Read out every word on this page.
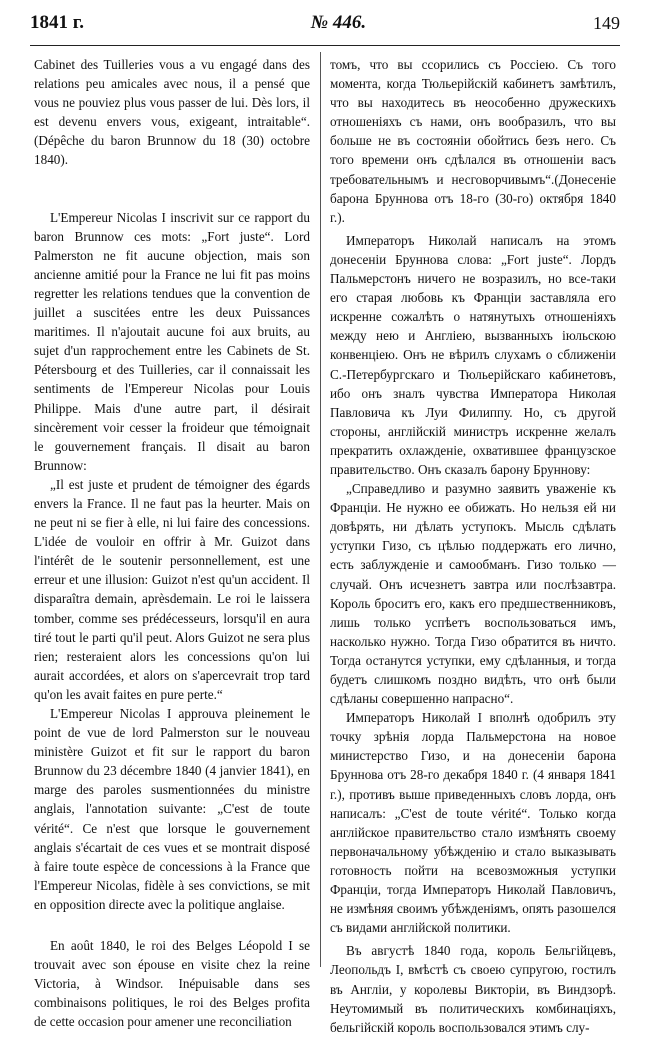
1841 г.	№ 446.	149

Cabinet des Tuilleries vous a vu engagé dans des relations peu amicales avec nous, il a pensé que vous ne pouviez plus vous passer de lui. Dès lors, il est devenu envers vous, exigeant, intraitable“. (Dépêche du baron Brunnow du 18 (30) octobre 1840).

L'Empereur Nicolas I inscrivit sur ce rapport du baron Brunnow ces mots: „Fort juste“. Lord Palmerston ne fit aucune objection, mais son ancienne amitié pour la France ne lui fit pas moins regretter les relations tendues que la convention de juillet a suscitées entre les deux Puissances maritimes. Il n'ajoutait aucune foi aux bruits, au sujet d'un rapprochement entre les Cabinets de St. Pétersbourg et des Tuilleries, car il connaissait les sentiments de l'Empereur Nicolas pour Louis Philippe. Mais d'une autre part, il désirait sincèrement voir cesser la froideur que témoignait le gouvernement français. Il disait au baron Brunnow:

„Il est juste et prudent de témoigner des égards envers la France. Il ne faut pas la heurter. Mais on ne peut ni se fier à elle, ni lui faire des concessions. L'idée de vouloir en offrir à Mr. Guizot dans l'intérêt de le soutenir personnellement, est une erreur et une illusion: Guizot n'est qu'un accident. Il disparaîtra demain, aprèsdemain. Le roi le laissera tomber, comme ses prédécesseurs, lorsqu'il en aura tiré tout le parti qu'il peut. Alors Guizot ne sera plus rien; resteraient alors les concessions qu'on lui aurait accordées, et alors on s'apercevrait trop tard qu'on les avait faites en pure perte.“

L'Empereur Nicolas I approuva pleinement le point de vue de lord Palmerston sur le nouveau ministère Guizot et fit sur le rapport du baron Brunnow du 23 décembre 1840 (4 janvier 1841), en marge des paroles susmentionnées du ministre anglais, l'annotation suivante: „C'est de toute vérité“. Ce n'est que lorsque le gouvernement anglais s'écartait de ces vues et se montrait disposé à faire toute espèce de concessions à la France que l'Empereur Nicolas, fidèle à ses convictions, se mit en opposition directe avec la politique anglaise.

En août 1840, le roi des Belges Léopold I se trouvait avec son épouse en visite chez la reine Victoria, à Windsor. Inépuisable dans ses combinaisons politiques, le roi des Belges profita de cette occasion pour amener une reconciliation

томъ, что вы ссорились съ Россіею. Съ того момента, когда Тюльерійскій кабинетъ замѣтилъ, что вы находитесь въ неособенно дружескихъ отношеніяхъ съ нами, онъ вообразилъ, что вы больше не въ состояніи обойтись безъ него. Съ того времени онъ сдѣлался въ отношеніи васъ требовательнымъ и несговорчивымъ“.(Донесеніе барона Бруннова отъ 18-го (30-го) октября 1840 г.).

Императоръ Николай написалъ на этомъ донесеніи Бруннова слова: „Fort juste“. Лордъ Пальмерстонъ ничего не возразилъ, но все-таки его старая любовь къ Франціи заставляла его искренне сожалѣть о натянутыхъ отношеніяхъ между нею и Англіею, вызванныхъ іюльскою конвенціею. Онъ не вѣрилъ слухамъ о сближеніи С.-Петербургскаго и Тюльерійскаго кабинетовъ, ибо онъ зналъ чувства Императора Николая Павловича къ Луи Филиппу. Но, съ другой стороны, англійскій министръ искренне желалъ прекратить охлажденіе, охватившее французское правительство. Онъ сказалъ барону Бруннову:

„Справедливо и разумно заявить уваженіе къ Франціи. Не нужно ее обижать. Но нельзя ей ни довѣрять, ни дѣлать уступокъ. Мысль сдѣлать уступки Гизо, съ цѣлью поддержать его лично, есть заблужденіе и самообманъ. Гизо только — случай. Онъ исчезнетъ завтра или послѣзавтра. Король броситъ его, какъ его предшественниковъ, лишь только успѣетъ воспользоваться имъ, насколько нужно. Тогда Гизо обратится въ ничто. Тогда останутся уступки, ему сдѣланныя, и тогда будетъ слишкомъ поздно видѣть, что онѣ были сдѣланы совершенно напрасно“.

Императоръ Николай I вполнѣ одобрилъ эту точку зрѣнія лорда Пальмерстона на новое министерство Гизо, и на донесеніи барона Бруннова отъ 28-го декабря 1840 г. (4 января 1841 г.), противъ выше приведенныхъ словъ лорда, онъ написалъ: „C'est de toute vérité“. Только когда англійское правительство стало измѣнять своему первоначальному убѣжденію и стало выказывать готовность пойти на всевозможныя уступки Франціи, тогда Императоръ Николай Павловичъ, не измѣняя своимъ убѣжденіямъ, опять разошелся съ видами англійской политики.

Въ августѣ 1840 года, король Бельгійцевъ, Леопольдъ I, вмѣстѣ съ своею супругою, гостилъ въ Англіи, у королевы Викторіи, въ Виндзорѣ. Неутомимый въ политическихъ комбинаціяхъ, бельгійскій король воспользовался этимъ слу-
